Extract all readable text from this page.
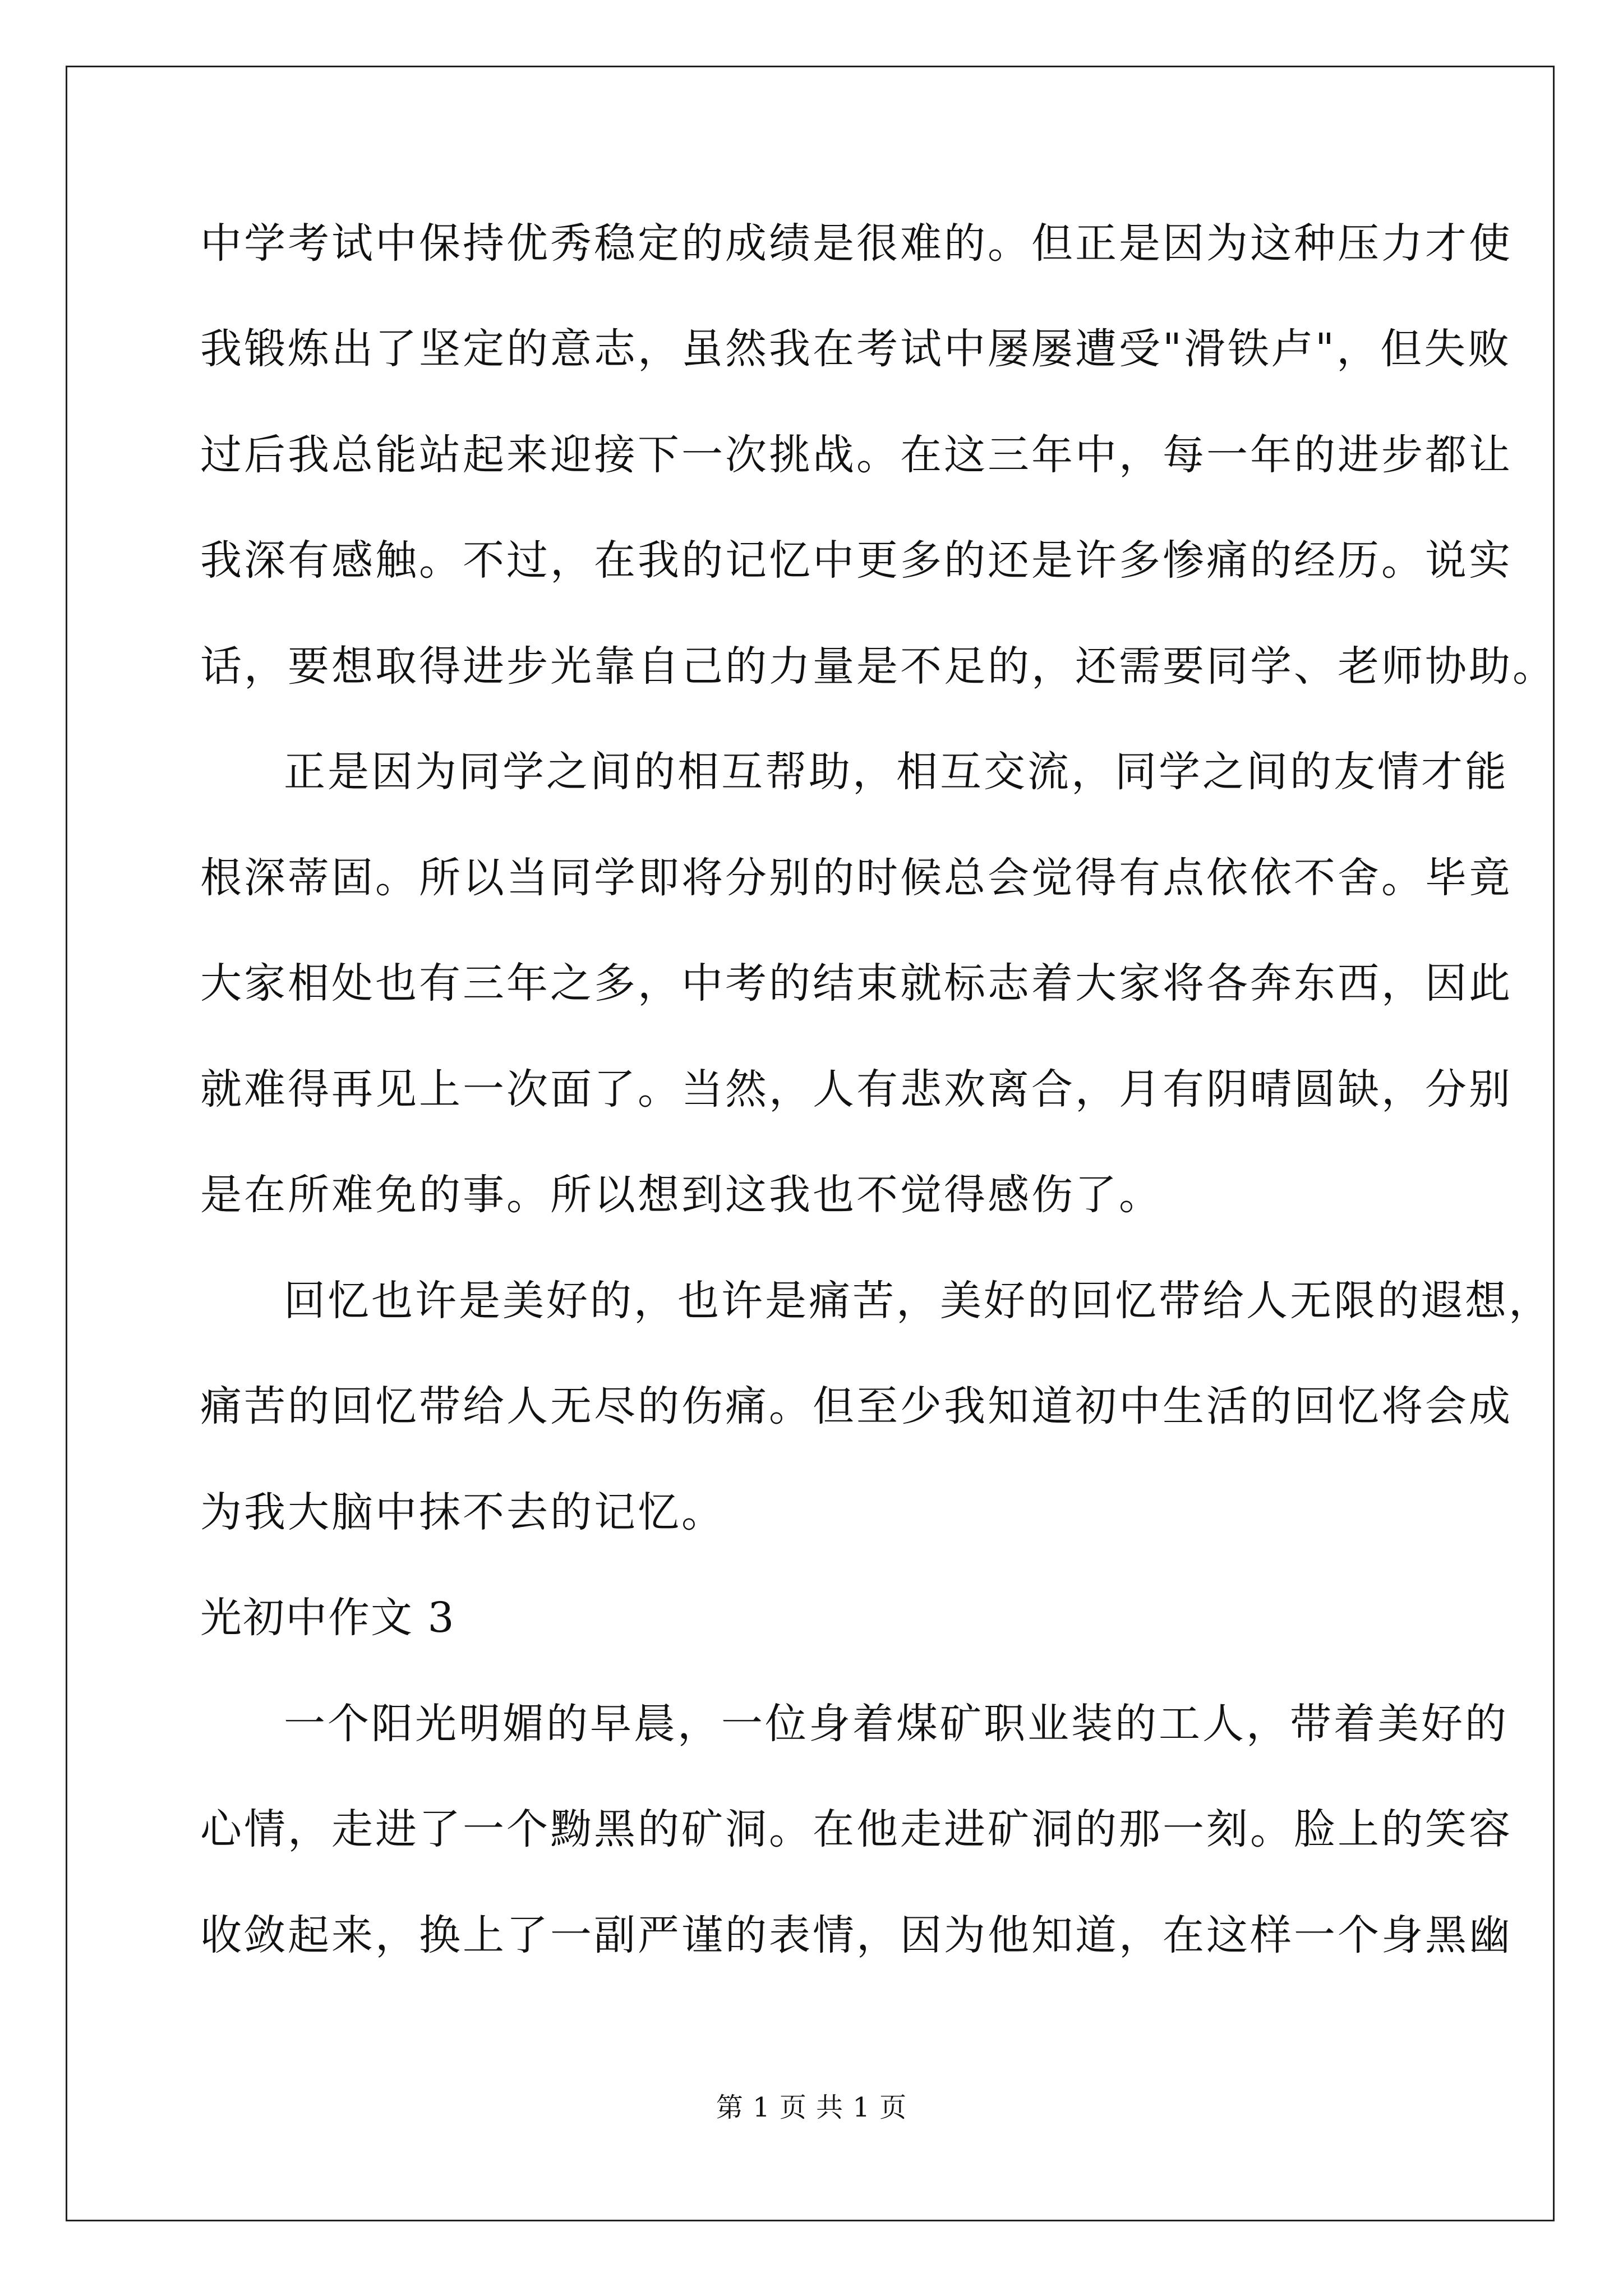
中学考试中保持优秀稳定的成绩是很难的。但正是因为这种压力才使
我锻炼出了坚定的意志，虽然我在考试中屡屡遭受"滑铁卢"，但失败
过后我总能站起来迎接下一次挑战。在这三年中，每一年的进步都让
我深有感触。不过，在我的记忆中更多的还是许多惨痛的经历。说实
话，要想取得进步光靠自己的力量是不足的，还需要同学、老师协助。
正是因为同学之间的相互帮助，相互交流，同学之间的友情才能
根深蒂固。所以当同学即将分别的时候总会觉得有点依依不舍。毕竟
大家相处也有三年之多，中考的结束就标志着大家将各奔东西，因此
就难得再见上一次面了。当然，人有悲欢离合，月有阴晴圆缺，分别
是在所难免的事。所以想到这我也不觉得感伤了。
回忆也许是美好的，也许是痛苦，美好的回忆带给人无限的遐想，
痛苦的回忆带给人无尽的伤痛。但至少我知道初中生活的回忆将会成
为我大脑中抹不去的记忆。
光初中作文 3
一个阳光明媚的早晨，一位身着煤矿职业装的工人，带着美好的
心情，走进了一个黝黑的矿洞。在他走进矿洞的那一刻。脸上的笑容
收敛起来，换上了一副严谨的表情，因为他知道，在这样一个身黑幽
第 1 页 共 1 页
